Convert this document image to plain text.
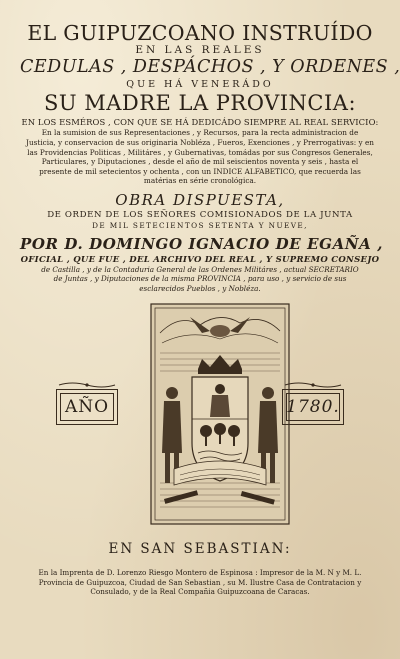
EL GUIPUZCOANO INSTRUÍDO
EN LAS REALES
CEDULAS , DESPÁCHOS , Y ORDENES ,
QUE HÁ VENERÁDO
SU MADRE LA PROVINCIA:
EN LOS ESMÉROS , CON QUE SE HÁ DEDICÁDO SIEMPRE AL REAL SERVICIO:
En la sumision de sus Representaciones , y Recursos, para la recta administracion de Justicia, y conservacion de sus originaria Nobléza , Fueros, Exenciones , y Prerrogativas: y en las Providencias Politicas , Militáres , y Gubernativas, tomádas por sus Congresos Generales, Particulares, y Diputaciones , desde el año de mil seiscientos noventa y seis , hasta el presente de mil setecientos y ochenta , con un INDICE ALFABETICO, que recuerda las matérias en série cronológica.
OBRA DISPUESTA,
DE ORDEN DE LOS SEÑORES COMISIONADOS DE LA JUNTA
DE MIL SETECIENTOS SETENTA Y NUEVE,
POR D. DOMINGO IGNACIO DE EGAÑA ,
OFICIAL , QUE FUE , DEL ARCHIVO DEL REAL , Y SUPREMO CONSEJO
de Castilla , y de la Contaduria General de las Ordenes Militáres , actual SECRETARIO de Juntas , y Diputaciones de la misma PROVINCIA , para uso , y servicio de sus esclarecidos Pueblos , y Nobléza.
AÑO	1780.
EN SAN SEBASTIAN:
En la Imprenta de D. Lorenzo Riesgo Montero de Espinosa : Impresor de la M. N y M. L. Provincia de Guipuzcoa, Ciudad de San Sebastian , su M. Ilustre Casa de Contratacion y Consulado, y de la Real Compañia Guipuzcoana de Caracas.
